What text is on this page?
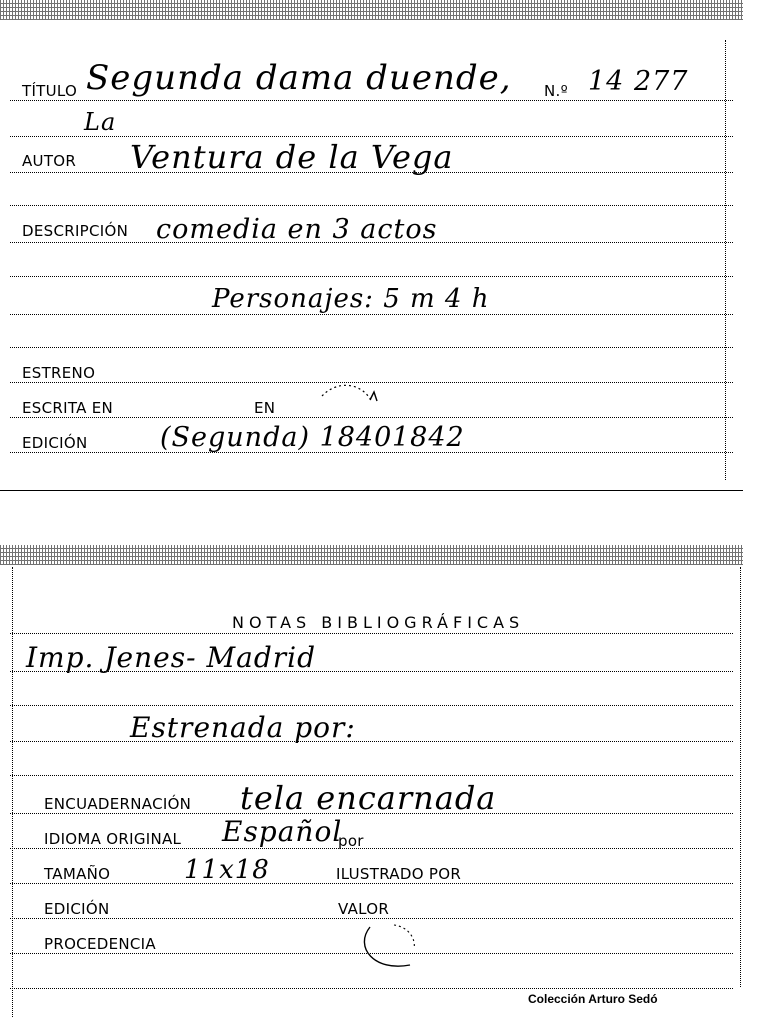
TÍTULO Segunda dama duende, N.º 14 277
La
AUTOR Ventura de la Vega
DESCRIPCIÓN comedia en 3 actos
Personajes: 5 m 4 h
ESTRENO
ESCRITA EN	EN
EDICIÓN	(Segunda) 1840 1842
NOTAS BIBLIOGRÁFICAS
Imp. Jenes- Madrid
Estrenada por:
ENCUADERNACIÓN tela encarnada
IDIOMA ORIGINAL Español
por
TAMAÑO	11x18	ILUSTRADO POR
EDICIÓN	VALOR
PROCEDENCIA
Colección Arturo Sedó
